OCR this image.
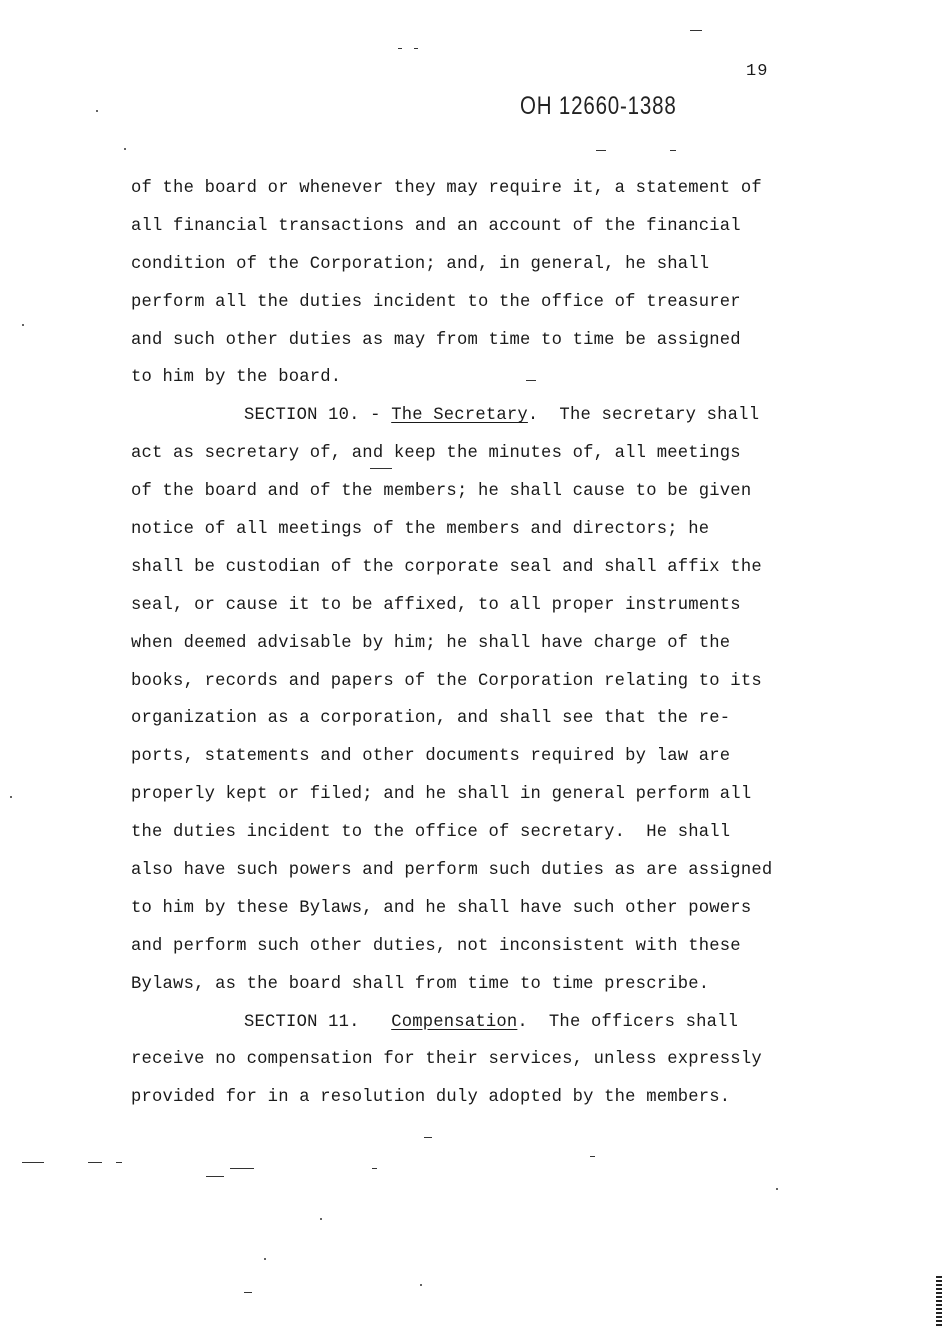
19
OH 12660-1388
of the board or whenever they may require it, a statement of
all financial transactions and an account of the financial
condition of the Corporation; and, in general, he shall
perform all the duties incident to the office of treasurer
and such other duties as may from time to time be assigned
to him by the board.
SECTION 10. - The Secretary.  The secretary shall
act as secretary of, and keep the minutes of, all meetings
of the board and of the members; he shall cause to be given
notice of all meetings of the members and directors; he
shall be custodian of the corporate seal and shall affix the
seal, or cause it to be affixed, to all proper instruments
when deemed advisable by him; he shall have charge of the
books, records and papers of the Corporation relating to its
organization as a corporation, and shall see that the re-
ports, statements and other documents required by law are
properly kept or filed; and he shall in general perform all
the duties incident to the office of secretary.  He shall
also have such powers and perform such duties as are assigned
to him by these Bylaws, and he shall have such other powers
and perform such other duties, not inconsistent with these
Bylaws, as the board shall from time to time prescribe.
SECTION 11. Compensation.  The officers shall
receive no compensation for their services, unless expressly
provided for in a resolution duly adopted by the members.
